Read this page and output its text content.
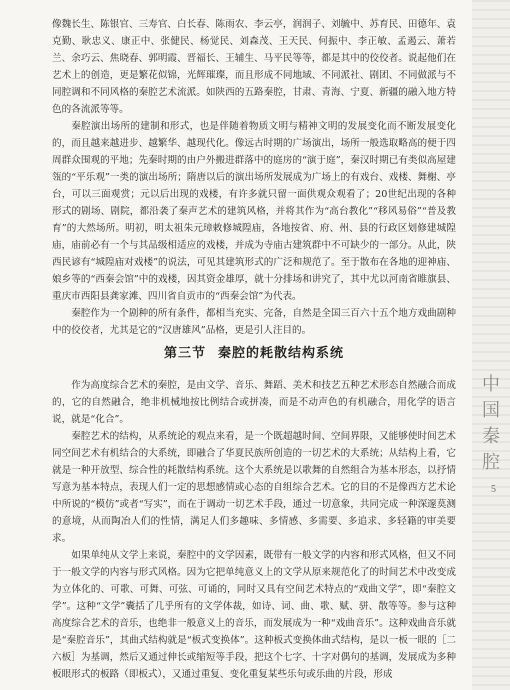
像魏长生、陈银官、三寿官、白长春、陈雨农、李云亭，润润子、刘毓中、苏育民、田德年、袁克勤、耿忠义、康正中、张健民、杨觉民、刘森茂、王天民、何振中、李正敏、孟遏云、萧若兰、余巧云、焦晓春、郭明霞、晋福长、王辅生、马平民等等，都是其中的佼佼者。说起他们在艺术上的创造，更是繁花似锦，光辉璀璨，而且形成不同地域、不同派社、剧团、不同做派与不同腔调和不同风格的秦腔艺术流派。如陕西的五路秦腔，甘肃、青海、宁夏、新疆的融入地方特色的各流派等等。

秦腔演出场所的建制和形式，也是伴随着物质文明与精神文明的发展变化而不断发展变化的，而且越来越进步、越繁华、越现代化。像远古时期的广场演出，场所一般选取略高的便于四周群众围观的平地；先秦时期的由户外搬进群落中的庭房的“演于庭”，秦汉时期已有类似高屋建瓴的“平乐观”一类的演出场所；隋唐以后的演出场所发展成为广场上的有戏台、戏楼、舞榭、亭台，可以三面观赏；元以后出现的戏楼，有许多就只留一面供观众观看了；20世纪出现的各种形式的剧场、剧院，都沿袭了秦声艺术的建筑风格，并将其作为“高台教化”“移风易俗”“普及教育”的大然场所。明初，明太祖朱元璋敕修城隍庙，各地按省、府、州、县的行政区划修建城隍庙，庙前必有一个与其品级相适应的戏楼，并成为寺庙古建筑群中不可缺少的一部分。从此，陕西民谚有“城隍庙对戏楼”的说法，可见其建筑形式的广泛和规范了。至于散布在各地的迎神庙、娘乡等的“西秦会馆”中的戏楼，因其资金雄厚，就十分排场和讲究了，其中尤以河南省睢旗县、重庆市西阳县龚家滩、四川省自贡市的“西秦会馆”为代表。

秦腔作为一个剧种的所有条件，都相当充实、完备，自然是全国三百六十五个地方戏曲剧种中的佼佼者，尤其是它的“汉唐雄风”品格，更是引人注目的。

第三节 秦腔的耗散结构系统

作为高度综合艺术的秦腔，是由文学、音乐、舞蹈、美术和技艺五种艺术形态自然融合而成的，它的自然融合，绝非机械地按比例结合或拼凑，而是不动声色的有机融合，用化学的语言说，就是“化合”。

秦腔艺术的结构，从系统论的观点来看，是一个既超越时间、空间界限，又能够使时间艺术同空间艺术有机结合的大系统，即融合了华夏民族所创造的一切艺术的大系统；从结构上看，它就是一种开放型、综合性的耗散结构系统。这个大系统是以歌舞的自然组合为基本形态，以抒情写意为基本特点，表现人们一定的思想感情或心态的自组综合艺术。它的目的不是像西方艺术论中所说的“模仿”或者“写实”，而在于调动一切艺术手段，通过一切意象，共同完成一种深邃莫测的意境，从而陶冶人们的性情，满足人们多趣味、多情感、多需要、多追求、多轻籍的审美要求。

如果单纯从文学上来说，秦腔中的文学因素，既带有一般文学的内容和形式风格，但又不同于一般文学的内容与形式风格。因为它把单纯意义上的文学从原来规范化了的时间艺术中改变成为立体化的、可歌、可舞、可弦、可诵的，同时又具有空间艺术特点的“戏曲文学”，即“秦腔文学”。这种“文学”囊括了几乎所有的文学体裁，如诗、词、曲、歌、赋、骈、散等等。参与这种高度综合艺术的音乐，也绝非一般意义上的音乐，而发展成为一种“戏曲音乐”。这种戏曲音乐就是“秦腔音乐”，其曲式结构就是“板式变换体”。这种板式变换体曲式结构，是以一板一眼的［二六板］为基调，然后又通过伸长或缩短等手段，把这个七字、十字对偶句的基调，发展成为多种板眼形式的板路（即板式），又通过重复、变化重复某些乐句或乐曲的片段，形成

中
国
秦
腔
5
